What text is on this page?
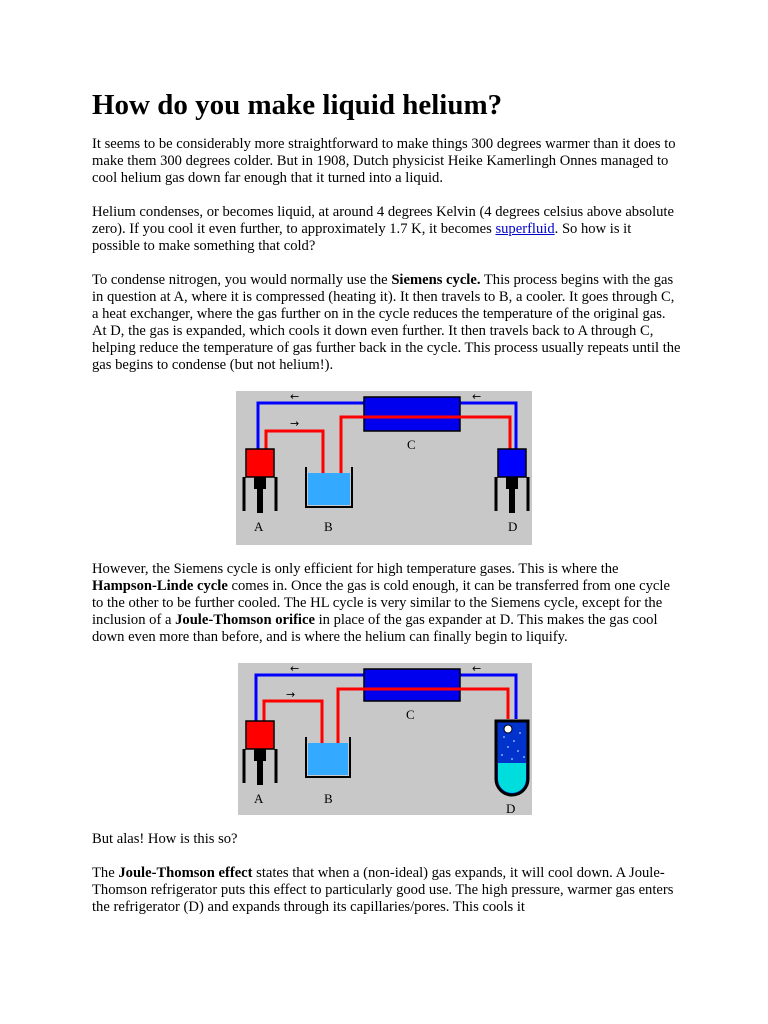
How do you make liquid helium?

It seems to be considerably more straightforward to make things 300 degrees warmer than it does to make them 300 degrees colder. But in 1908, Dutch physicist Heike Kamerlingh Onnes managed to cool helium gas down far enough that it turned into a liquid.

Helium condenses, or becomes liquid, at around 4 degrees Kelvin (4 degrees celsius above absolute zero). If you cool it even further, to approximately 1.7 K, it becomes superfluid. So how is it possible to make something that cold?

To condense nitrogen, you would normally use the Siemens cycle. This process begins with the gas in question at A, where it is compressed (heating it). It then travels to B, a cooler. It goes through C, a heat exchanger, where the gas further on in the cycle reduces the temperature of the original gas. At D, the gas is expanded, which cools it down even further. It then travels back to A through C, helping reduce the temperature of gas further back in the cycle. This process usually repeats until the gas begins to condense (but not helium!).

←	←
→
A	B
C
D

However, the Siemens cycle is only efficient for high temperature gases. This is where the Hampson-Linde cycle comes in. Once the gas is cold enough, it can be transferred from one cycle to the other to be further cooled. The HL cycle is very similar to the Siemens cycle, except for the inclusion of a Joule-Thomson orifice in place of the gas expander at D. This makes the gas cool down even more than before, and is where the helium can finally begin to liquify.

←	←
→
A	B
C
D

But alas! How is this so?

The Joule-Thomson effect states that when a (non-ideal) gas expands, it will cool down. A Joule-Thomson refrigerator puts this effect to particularly good use. The high pressure, warmer gas enters the refrigerator (D) and expands through its capillaries/pores. This cools it
